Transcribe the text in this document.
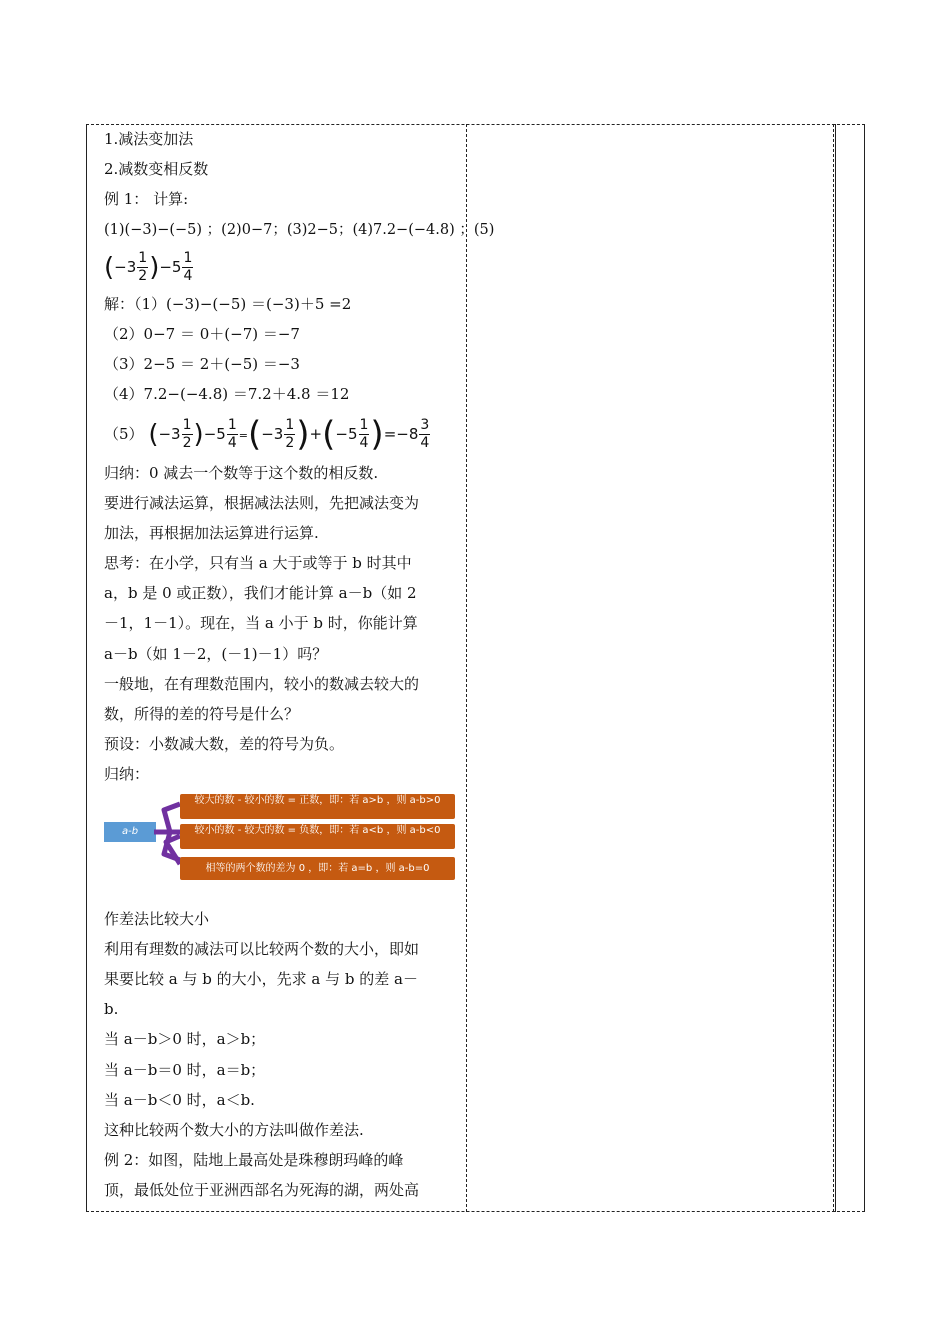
1.减法变加法
2.减数变相反数
例 1： 计算:
(1)(−3)−(−5) ；(2)0−7；(3)2−5；(4)7.2−(−4.8) ；(5)
$(-3 \frac{1}{2} )-5 \frac{1}{4}$
解：（1）(−3)−(−5) ＝(−3)＋5 =2
（2）0−7 ＝ 0＋(−7) ＝−7
（3）2−5 ＝ 2＋(−5) ＝−3
（4）7.2−(−4.8) ＝7.2＋4.8 ＝12
（5） $(-3 \frac{1}{2} )-5 \frac{1}{4} =(-3 \frac{1}{2} )+(-5 \frac{1}{4} )=-8 \frac{3}{4}$
归纳：0 减去一个数等于这个数的相反数.
要进行减法运算，根据减法法则，先把减法变为
加法，再根据加法运算进行运算.
思考：在小学，只有当 a 大于或等于 b 时其中
a，b 是 0 或正数），我们才能计算 a－b（如 2
－1，1－1）。现在，当 a 小于 b 时，你能计算
a－b（如 1－2，(－1)－1）吗？
一般地，在有理数范围内，较小的数减去较大的
数，所得的差的符号是什么？
预设：小数减大数，差的符号为负。
归纳：
a-b
较大的数 - 较小的数 = 正数，即：若 a>b ，则 a-b>0
较小的数 - 较大的数 = 负数，即：若 a<b ，则 a-b<0
相等的两个数的差为 0 ，即：若 a=b ，则 a-b=0
作差法比较大小
利用有理数的减法可以比较两个数的大小，即如
果要比较 a 与 b 的大小，先求 a 与 b 的差 a－
b.
当 a－b＞0 时，a＞b；
当 a－b＝0 时，a＝b；
当 a－b＜0 时，a＜b.
这种比较两个数大小的方法叫做作差法.
例 2：如图，陆地上最高处是珠穆朗玛峰的峰
顶，最低处位于亚洲西部名为死海的湖，两处高
